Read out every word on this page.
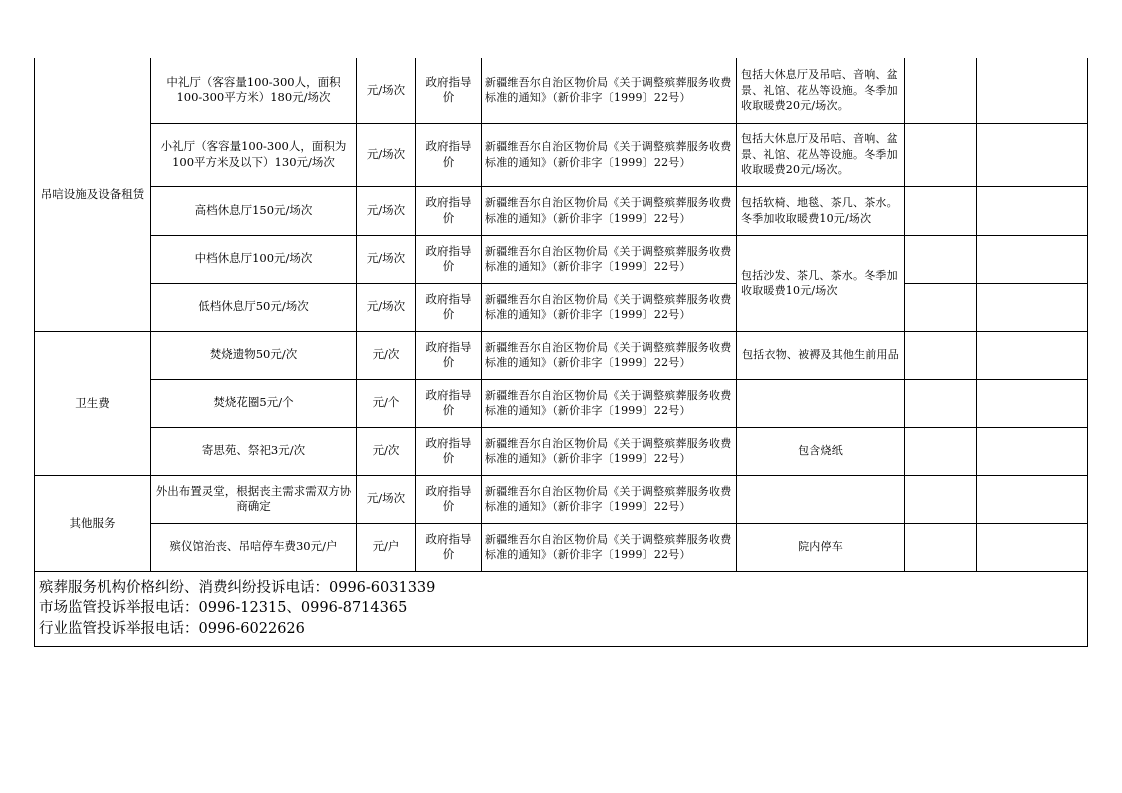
吊唁设施及设备租赁	中礼厅（客容量100-300人，面积100-300平方米）180元/场次	元/场次	政府指导价	新疆维吾尔自治区物价局《关于调整殡葬服务收费标准的通知》（新价非字〔1999〕22号）	包括大休息厅及吊唁、音响、盆景、礼馆、花丛等设施。冬季加收取暖费20元/场次。		
	小礼厅（客容量100-300人，面积为100平方米及以下）130元/场次	元/场次	政府指导价	新疆维吾尔自治区物价局《关于调整殡葬服务收费标准的通知》（新价非字〔1999〕22号）	包括大休息厅及吊唁、音响、盆景、礼馆、花丛等设施。冬季加收取暖费20元/场次。		
	高档休息厅150元/场次	元/场次	政府指导价	新疆维吾尔自治区物价局《关于调整殡葬服务收费标准的通知》（新价非字〔1999〕22号）	包括软椅、地毯、茶几、茶水。冬季加收取暖费10元/场次		
	中档休息厅100元/场次	元/场次	政府指导价	新疆维吾尔自治区物价局《关于调整殡葬服务收费标准的通知》（新价非字〔1999〕22号）	包括沙发、茶几、茶水。冬季加收取暖费10元/场次		
	低档休息厅50元/场次	元/场次	政府指导价	新疆维吾尔自治区物价局《关于调整殡葬服务收费标准的通知》（新价非字〔1999〕22号）			
卫生费	焚烧遗物50元/次	元/次	政府指导价	新疆维吾尔自治区物价局《关于调整殡葬服务收费标准的通知》（新价非字〔1999〕22号）	包括衣物、被褥及其他生前用品		
	焚烧花圈5元/个	元/个	政府指导价	新疆维吾尔自治区物价局《关于调整殡葬服务收费标准的通知》（新价非字〔1999〕22号）			
	寄思苑、祭祀3元/次	元/次	政府指导价	新疆维吾尔自治区物价局《关于调整殡葬服务收费标准的通知》（新价非字〔1999〕22号）	包含烧纸		
其他服务	外出布置灵堂，根据丧主需求需双方协商确定	元/场次	政府指导价	新疆维吾尔自治区物价局《关于调整殡葬服务收费标准的通知》（新价非字〔1999〕22号）			
	殡仪馆治丧、吊唁停车费30元/户	元/户	政府指导价	新疆维吾尔自治区物价局《关于调整殡葬服务收费标准的通知》（新价非字〔1999〕22号）	院内停车		

殡葬服务机构价格纠纷、消费纠纷投诉电话：0996-6031339
市场监管投诉举报电话：0996-12315、0996-8714365
行业监管投诉举报电话：0996-6022626							
